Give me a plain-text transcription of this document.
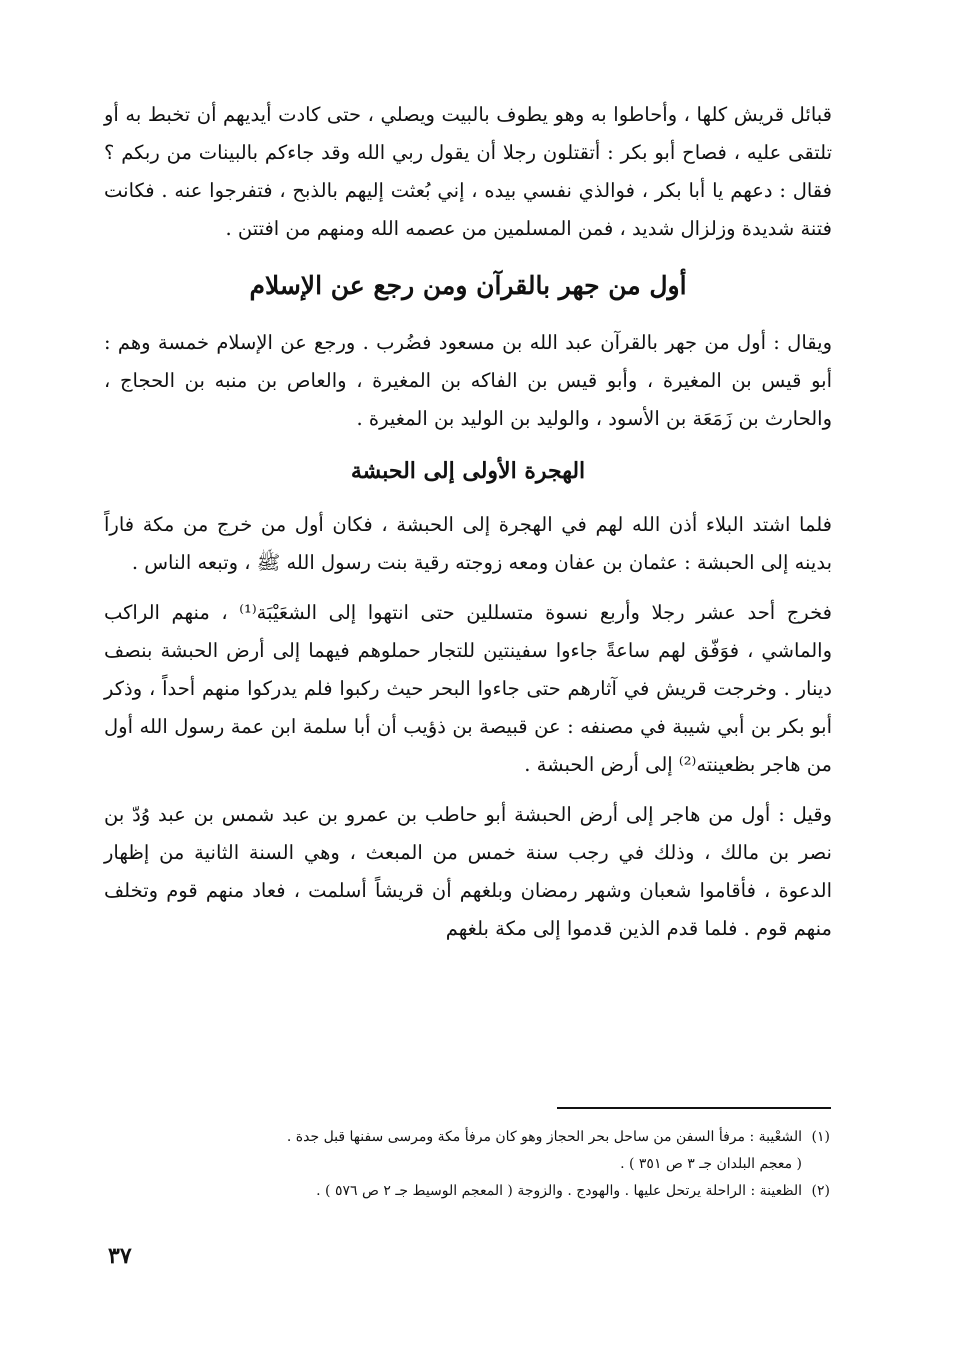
قبائل قريش كلها ، وأحاطوا به وهو يطوف بالبيت ويصلي ، حتى كادت أيديهم أن تخبط به أو تلتقى عليه ، فصاح أبو بكر : أتقتلون رجلا أن يقول ربي الله وقد جاءكم بالبينات من ربكم ؟ فقال : دعهم يا أبا بكر ، فوالذي نفسي بيده ، إني بُعثت إليهم بالذبح ، فتفرجوا عنه . فكانت فتنة شديدة وزلزال شديد ، فمن المسلمين من عصمه الله ومنهم من افتتن .

أول من جهر بالقرآن ومن رجع عن الإسلام

ويقال : أول من جهر بالقرآن عبد الله بن مسعود فضُرب . ورجع عن الإسلام خمسة وهم : أبو قيس بن المغيرة ، وأبو قيس بن الفاكه بن المغيرة ، والعاص بن منبه بن الحجاج ، والحارث بن زَمَعَة بن الأسود ، والوليد بن الوليد بن المغيرة .

الهجرة الأولى إلى الحبشة

فلما اشتد البلاء أذن الله لهم في الهجرة إلى الحبشة ، فكان أول من خرج من مكة فاراً بدينه إلى الحبشة : عثمان بن عفان ومعه زوجته رقية بنت رسول الله ﷺ ، وتبعه الناس .

فخرج أحد عشر رجلا وأربع نسوة متسللين حتى انتهوا إلى الشعَيْبَة⁽¹⁾ ، منهم الراكب والماشي ، فوَفّق لهم ساعةً جاءوا سفينتين للتجار حملوهم فيهما إلى أرض الحبشة بنصف دينار . وخرجت قريش في آثارهم حتى جاءوا البحر حيث ركبوا فلم يدركوا منهم أحداً ، وذكر أبو بكر بن أبي شيبة في مصنفه : عن قبيصة بن ذؤيب أن أبا سلمة ابن عمة رسول الله أول من هاجر بظعينته⁽²⁾ إلى أرض الحبشة .

وقيل : أول من هاجر إلى أرض الحبشة أبو حاطب بن عمرو بن عبد شمس بن عبد وُدّ بن نصر بن مالك ، وذلك في رجب سنة خمس من المبعث ، وهي السنة الثانية من إظهار الدعوة ، فأقاموا شعبان وشهر رمضان وبلغهم أن قريشاً أسلمت ، فعاد منهم قوم وتخلف منهم قوم . فلما قدم الذين قدموا إلى مكة بلغهم

(١)الشعْيبة : مرفأ السفن من ساحل بحر الحجاز وهو كان مرفأ مكة ومرسى سفنها قبل جدة .

( معجم البلدان جـ ٣ ص ٣٥١ ) .

(٢)الظعينة : الراحلة يرتحل عليها . والهودج . والزوجة ( المعجم الوسيط جـ ٢ ص ٥٧٦ ) .

٣٧
